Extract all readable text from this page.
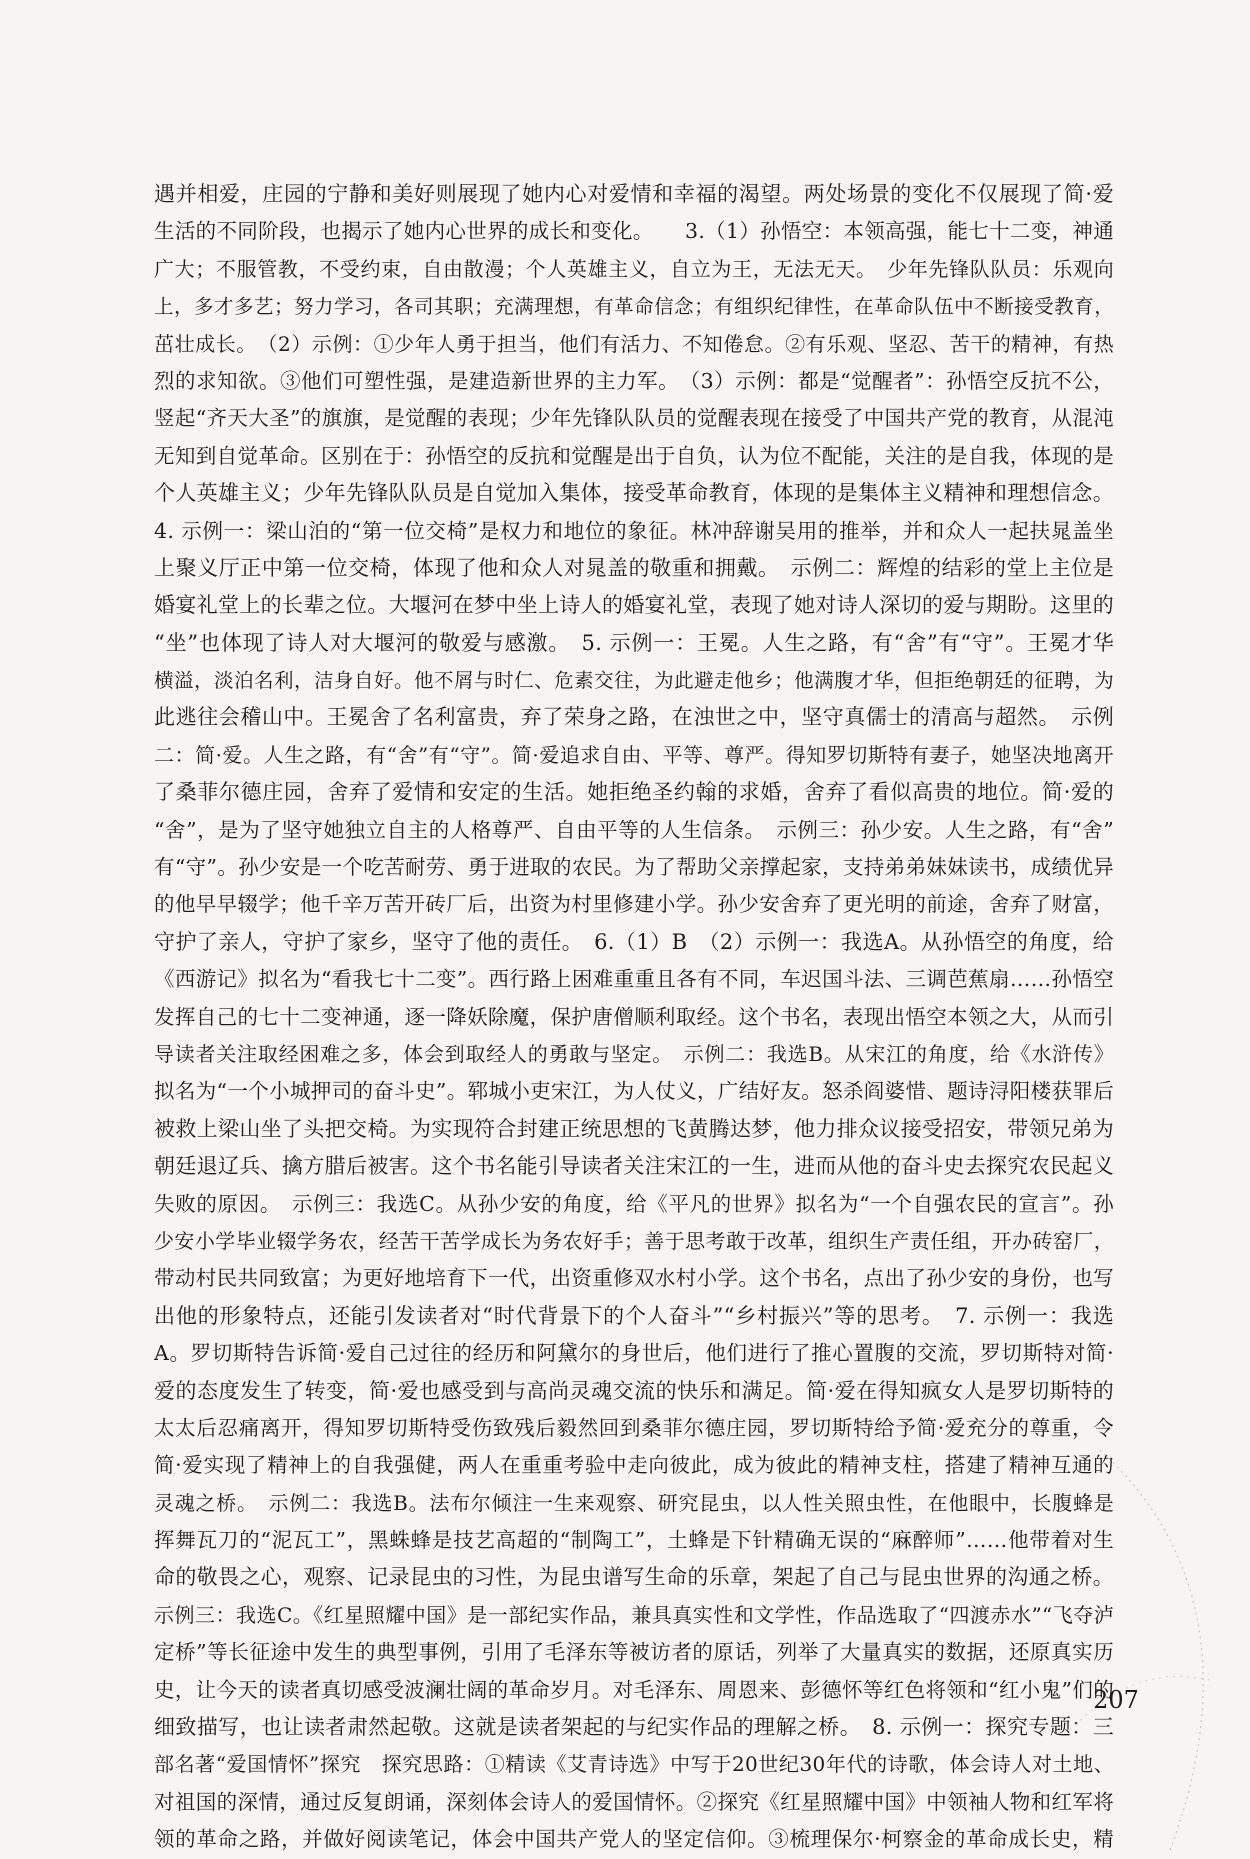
遇并相爱，庄园的宁静和美好则展现了她内心对爱情和幸福的渴望。两处场景的变化不仅展现了简·爱
生活的不同阶段，也揭示了她内心世界的成长和变化。　　3.（1）孙悟空：本领高强，能七十二变，神通
广大；不服管教，不受约束，自由散漫；个人英雄主义，自立为王，无法无天。　少年先锋队队员：乐观向
上，多才多艺；努力学习，各司其职；充满理想，有革命信念；有组织纪律性，在革命队伍中不断接受教育，
茁壮成长。　（2）示例：①少年人勇于担当，他们有活力、不知倦怠。②有乐观、坚忍、苦干的精神，有热
烈的求知欲。③他们可塑性强，是建造新世界的主力军。　（3）示例：都是“觉醒者”：孙悟空反抗不公，
竖起“齐天大圣”的旗旗，是觉醒的表现；少年先锋队队员的觉醒表现在接受了中国共产党的教育，从混沌
无知到自觉革命。区别在于：孙悟空的反抗和觉醒是出于自负，认为位不配能，关注的是自我，体现的是
个人英雄主义；少年先锋队队员是自觉加入集体，接受革命教育，体现的是集体主义精神和理想信念。
4. 示例一：梁山泊的“第一位交椅”是权力和地位的象征。林冲辞谢吴用的推举，并和众人一起扶晁盖坐
上聚义厅正中第一位交椅，体现了他和众人对晁盖的敬重和拥戴。　示例二：辉煌的结彩的堂上主位是
婚宴礼堂上的长辈之位。大堰河在梦中坐上诗人的婚宴礼堂，表现了她对诗人深切的爱与期盼。这里的
“坐”也体现了诗人对大堰河的敬爱与感激。　5. 示例一：王冕。人生之路，有“舍”有“守”。王冕才华
横溢，淡泊名利，洁身自好。他不屑与时仁、危素交往，为此避走他乡；他满腹才华，但拒绝朝廷的征聘，为
此逃往会稽山中。王冕舍了名利富贵，弃了荣身之路，在浊世之中，坚守真儒士的清高与超然。　示例
二：简·爱。人生之路，有“舍”有“守”。简·爱追求自由、平等、尊严。得知罗切斯特有妻子，她坚决地离开
了桑菲尔德庄园，舍弃了爱情和安定的生活。她拒绝圣约翰的求婚，舍弃了看似高贵的地位。简·爱的
“舍”，是为了坚守她独立自主的人格尊严、自由平等的人生信条。　示例三：孙少安。人生之路，有“舍”
有“守”。孙少安是一个吃苦耐劳、勇于进取的农民。为了帮助父亲撑起家，支持弟弟妹妹读书，成绩优异
的他早早辍学；他千辛万苦开砖厂后，出资为村里修建小学。孙少安舍弃了更光明的前途，舍弃了财富，
守护了亲人，守护了家乡，坚守了他的责任。　6.（1）B　（2）示例一：我选A。从孙悟空的角度，给
《西游记》拟名为“看我七十二变”。西行路上困难重重且各有不同，车迟国斗法、三调芭蕉扇……孙悟空
发挥自己的七十二变神通，逐一降妖除魔，保护唐僧顺利取经。这个书名，表现出悟空本领之大，从而引
导读者关注取经困难之多，体会到取经人的勇敢与坚定。　示例二：我选B。从宋江的角度，给《水浒传》
拟名为“一个小城押司的奋斗史”。郓城小吏宋江，为人仗义，广结好友。怒杀阎婆惜、题诗浔阳楼获罪后
被救上梁山坐了头把交椅。为实现符合封建正统思想的飞黄腾达梦，他力排众议接受招安，带领兄弟为
朝廷退辽兵、擒方腊后被害。这个书名能引导读者关注宋江的一生，进而从他的奋斗史去探究农民起义
失败的原因。　示例三：我选C。从孙少安的角度，给《平凡的世界》拟名为“一个自强农民的宣言”。孙
少安小学毕业辍学务农，经苦干苦学成长为务农好手；善于思考敢于改革，组织生产责任组，开办砖窑厂，
带动村民共同致富；为更好地培育下一代，出资重修双水村小学。这个书名，点出了孙少安的身份，也写
出他的形象特点，还能引发读者对“时代背景下的个人奋斗”“乡村振兴”等的思考。　7. 示例一：我选
A。罗切斯特告诉简·爱自己过往的经历和阿黛尔的身世后，他们进行了推心置腹的交流，罗切斯特对简·
爱的态度发生了转变，简·爱也感受到与高尚灵魂交流的快乐和满足。简·爱在得知疯女人是罗切斯特的
太太后忍痛离开，得知罗切斯特受伤致残后毅然回到桑菲尔德庄园，罗切斯特给予简·爱充分的尊重，令
简·爱实现了精神上的自我强健，两人在重重考验中走向彼此，成为彼此的精神支柱，搭建了精神互通的
灵魂之桥。　示例二：我选B。法布尔倾注一生来观察、研究昆虫，以人性关照虫性，在他眼中，长腹蜂是
挥舞瓦刀的“泥瓦工”，黑蛛蜂是技艺高超的“制陶工”，土蜂是下针精确无误的“麻醉师”……他带着对生
命的敬畏之心，观察、记录昆虫的习性，为昆虫谱写生命的乐章，架起了自己与昆虫世界的沟通之桥。
示例三：我选C。《红星照耀中国》是一部纪实作品，兼具真实性和文学性，作品选取了“四渡赤水”“飞夺泸
定桥”等长征途中发生的典型事例，引用了毛泽东等被访者的原话，列举了大量真实的数据，还原真实历
史，让今天的读者真切感受波澜壮阔的革命岁月。对毛泽东、周恩来、彭德怀等红色将领和“红小鬼”们的
细致描写，也让读者肃然起敬。这就是读者架起的与纪实作品的理解之桥。　8. 示例一：探究专题：三
部名著“爱国情怀”探究　探究思路：①精读《艾青诗选》中写于20世纪30年代的诗歌，体会诗人对土地、
对祖国的深情，通过反复朗诵，深刻体会诗人的爱国情怀。②探究《红星照耀中国》中领袖人物和红军将
领的革命之路，并做好阅读笔记，体会中国共产党人的坚定信仰。③梳理保尔·柯察金的革命成长史，精
207
